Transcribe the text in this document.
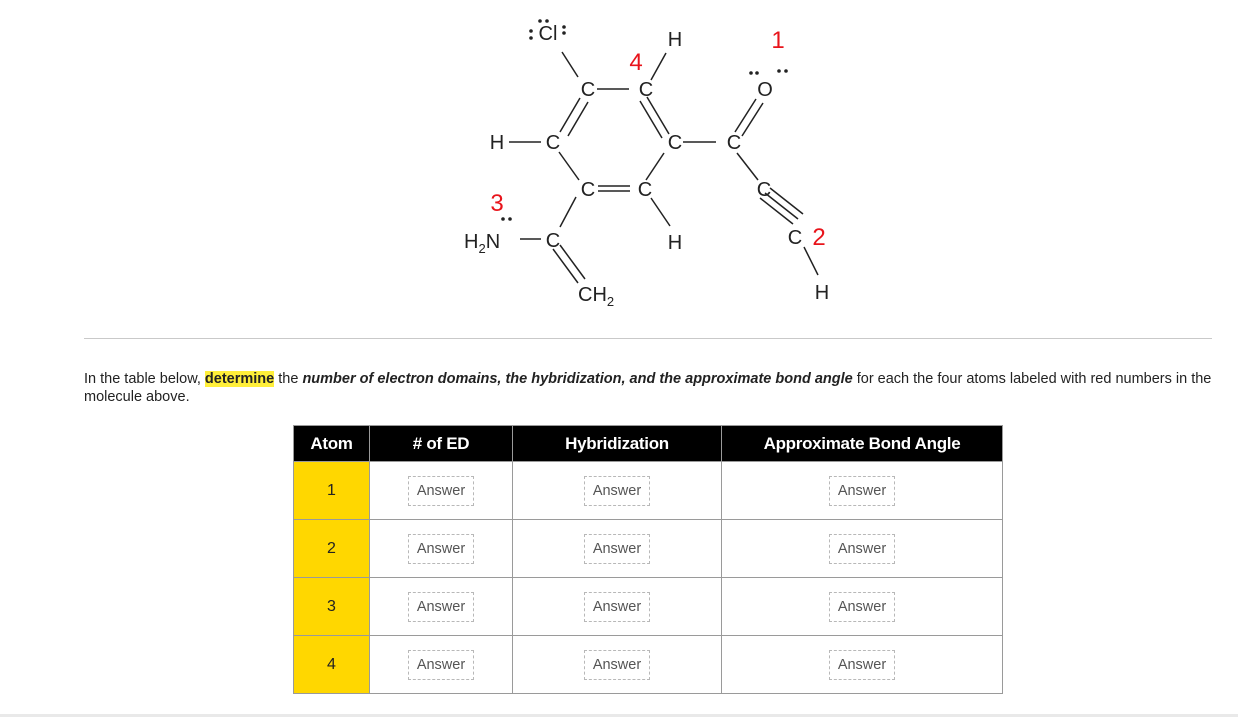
Cl
C C
H
H C	C C
O
C C	C
C	H	C
H
$H_2N$
$CH_2$
1
2
3
4
In the table below, determine the number of electron domains, the hybridization, and the approximate bond angle for each the four atoms labeled with red numbers in the molecule above.
Atom	# of ED	Hybridization	Approximate Bond Angle
1	Answer	Answer	Answer
2	Answer	Answer	Answer
3	Answer	Answer	Answer
4	Answer	Answer	Answer
